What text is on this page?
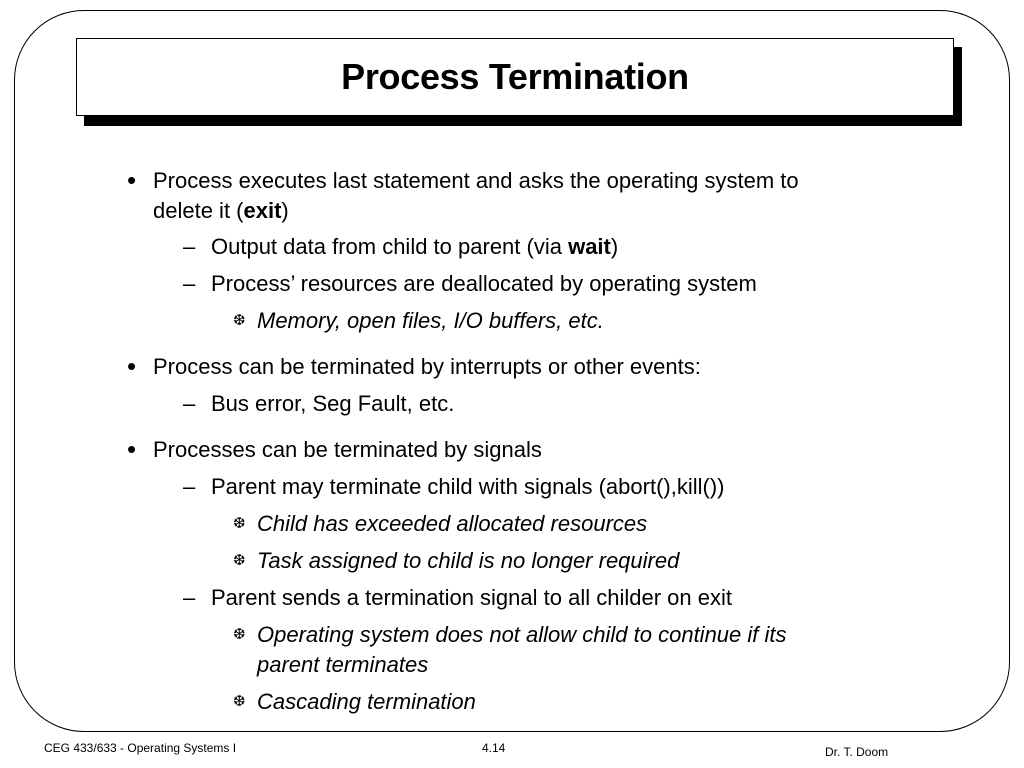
Process Termination
• Process executes last statement and asks the operating system to
delete it (exit)
– Output data from child to parent (via wait)
– Process’ resources are deallocated by operating system
❆ Memory, open files, I/O buffers, etc.
• Process can be terminated by interrupts or other events:
– Bus error, Seg Fault, etc.
• Processes can be terminated by signals
– Parent may terminate child with signals (abort(),kill())
❆ Child has exceeded allocated resources
❆ Task assigned to child is no longer required
– Parent sends a termination signal to all childer on exit
❆ Operating system does not allow child to continue if its
parent terminates
❆ Cascading termination
CEG 433/633 - Operating Systems I	4.14	Dr. T. Doom
